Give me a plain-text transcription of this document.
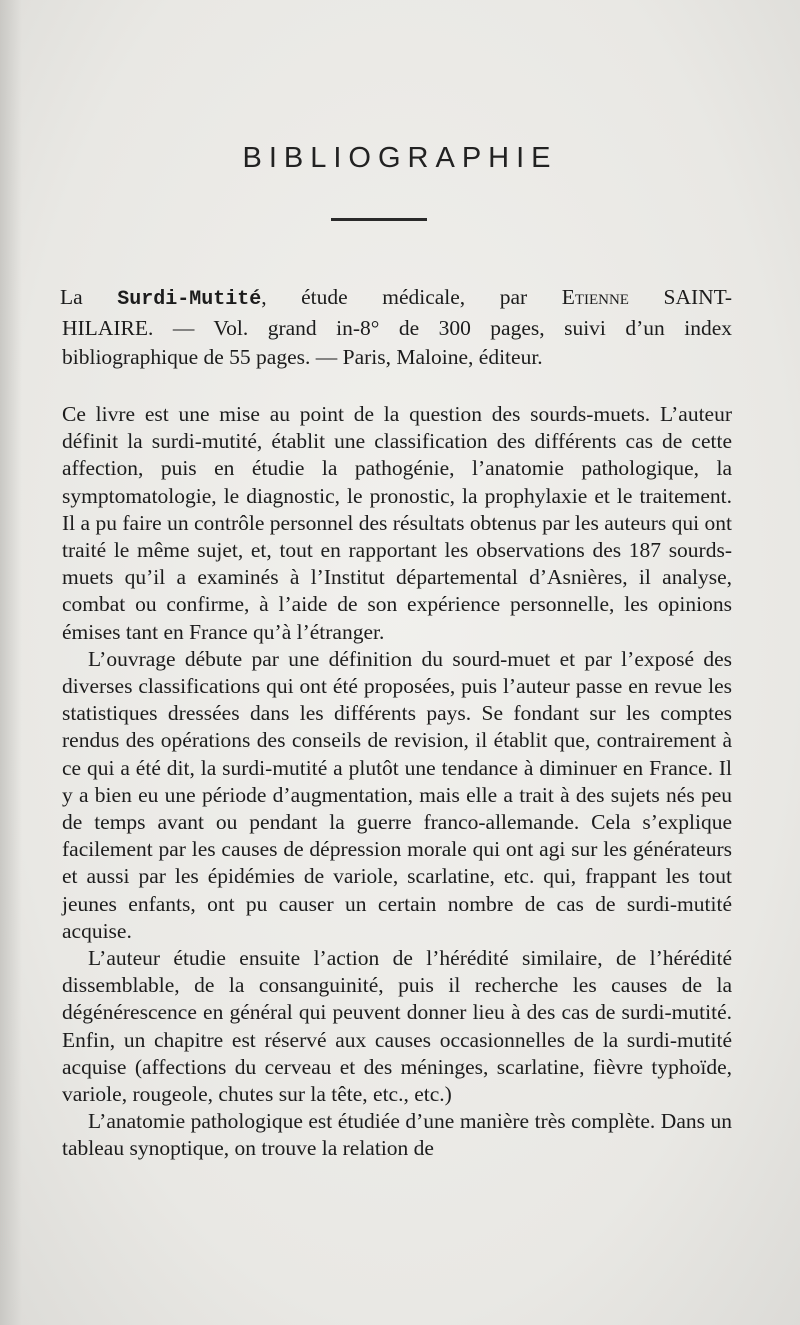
BIBLIOGRAPHIE
La Surdi-Mutité, étude médicale, par Etienne SAINT-
HILAIRE. — Vol. grand in-8° de 300 pages, suivi d’un index
bibliographique de 55 pages. — Paris, Maloine, éditeur.

Ce livre est une mise au point de la question des sourds-muets. L’auteur définit la surdi-mutité, établit une classification des différents cas de cette affection, puis en étudie la pathogénie, l’anatomie pathologique, la symptomatologie, le diagnostic, le pronostic, la prophylaxie et le traitement. Il a pu faire un contrôle personnel des résultats obtenus par les auteurs qui ont traité le même sujet, et, tout en rapportant les observations des 187 sourds-muets qu’il a examinés à l’Institut départemental d’Asnières, il analyse, combat ou confirme, à l’aide de son expérience personnelle, les opinions émises tant en France qu’à l’étranger.

L’ouvrage débute par une définition du sourd-muet et par l’exposé des diverses classifications qui ont été proposées, puis l’auteur passe en revue les statistiques dressées dans les différents pays. Se fondant sur les comptes rendus des opérations des conseils de revision, il établit que, contrairement à ce qui a été dit, la surdi-mutité a plutôt une tendance à diminuer en France. Il y a bien eu une période d’augmentation, mais elle a trait à des sujets nés peu de temps avant ou pendant la guerre franco-allemande. Cela s’explique facilement par les causes de dépression morale qui ont agi sur les générateurs et aussi par les épidémies de variole, scarlatine, etc. qui, frappant les tout jeunes enfants, ont pu causer un certain nombre de cas de surdi-mutité acquise.

L’auteur étudie ensuite l’action de l’hérédité similaire, de l’hérédité dissemblable, de la consanguinité, puis il recherche les causes de la dégénérescence en général qui peuvent donner lieu à des cas de surdi-mutité. Enfin, un chapitre est réservé aux causes occasionnelles de la surdi-mutité acquise (affections du cerveau et des méninges, scarlatine, fièvre typhoïde, variole, rougeole, chutes sur la tête, etc., etc.)

L’anatomie pathologique est étudiée d’une manière très complète. Dans un tableau synoptique, on trouve la relation de
